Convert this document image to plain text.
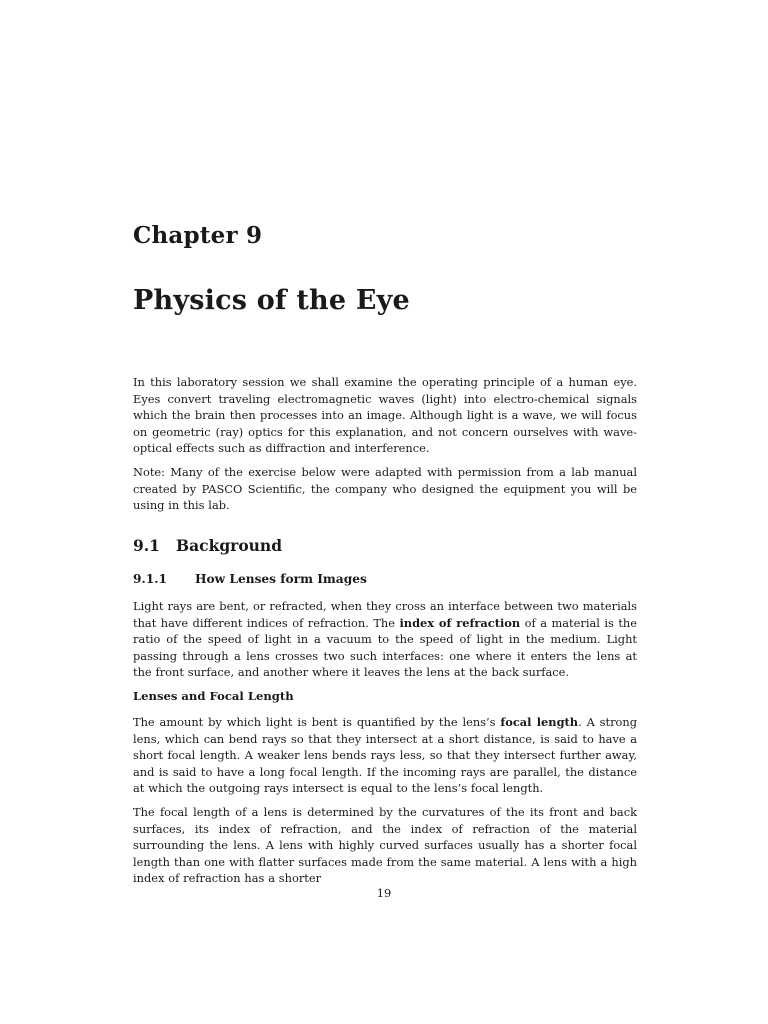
Chapter 9
Physics of the Eye

In this laboratory session we shall examine the operating principle of a human eye. Eyes convert traveling electromagnetic waves (light) into electro-chemical signals which the brain then processes into an image. Although light is a wave, we will focus on geometric (ray) optics for this explanation, and not concern ourselves with wave-optical effects such as diffraction and interference.

Note: Many of the exercise below were adapted with permission from a lab manual created by PASCO Scientific, the company who designed the equipment you will be using in this lab.

9.1 Background
9.1.1 How Lenses form Images

Light rays are bent, or refracted, when they cross an interface between two materials that have different indices of refraction. The index of refraction of a material is the ratio of the speed of light in a vacuum to the speed of light in the medium. Light passing through a lens crosses two such interfaces: one where it enters the lens at the front surface, and another where it leaves the lens at the back surface.

Lenses and Focal Length

The amount by which light is bent is quantified by the lens’s focal length. A strong lens, which can bend rays so that they intersect at a short distance, is said to have a short focal length. A weaker lens bends rays less, so that they intersect further away, and is said to have a long focal length. If the incoming rays are parallel, the distance at which the outgoing rays intersect is equal to the lens’s focal length.

The focal length of a lens is determined by the curvatures of the its front and back surfaces, its index of refraction, and the index of refraction of the material surrounding the lens. A lens with highly curved surfaces usually has a shorter focal length than one with flatter surfaces made from the same material. A lens with a high index of refraction has a shorter

19
